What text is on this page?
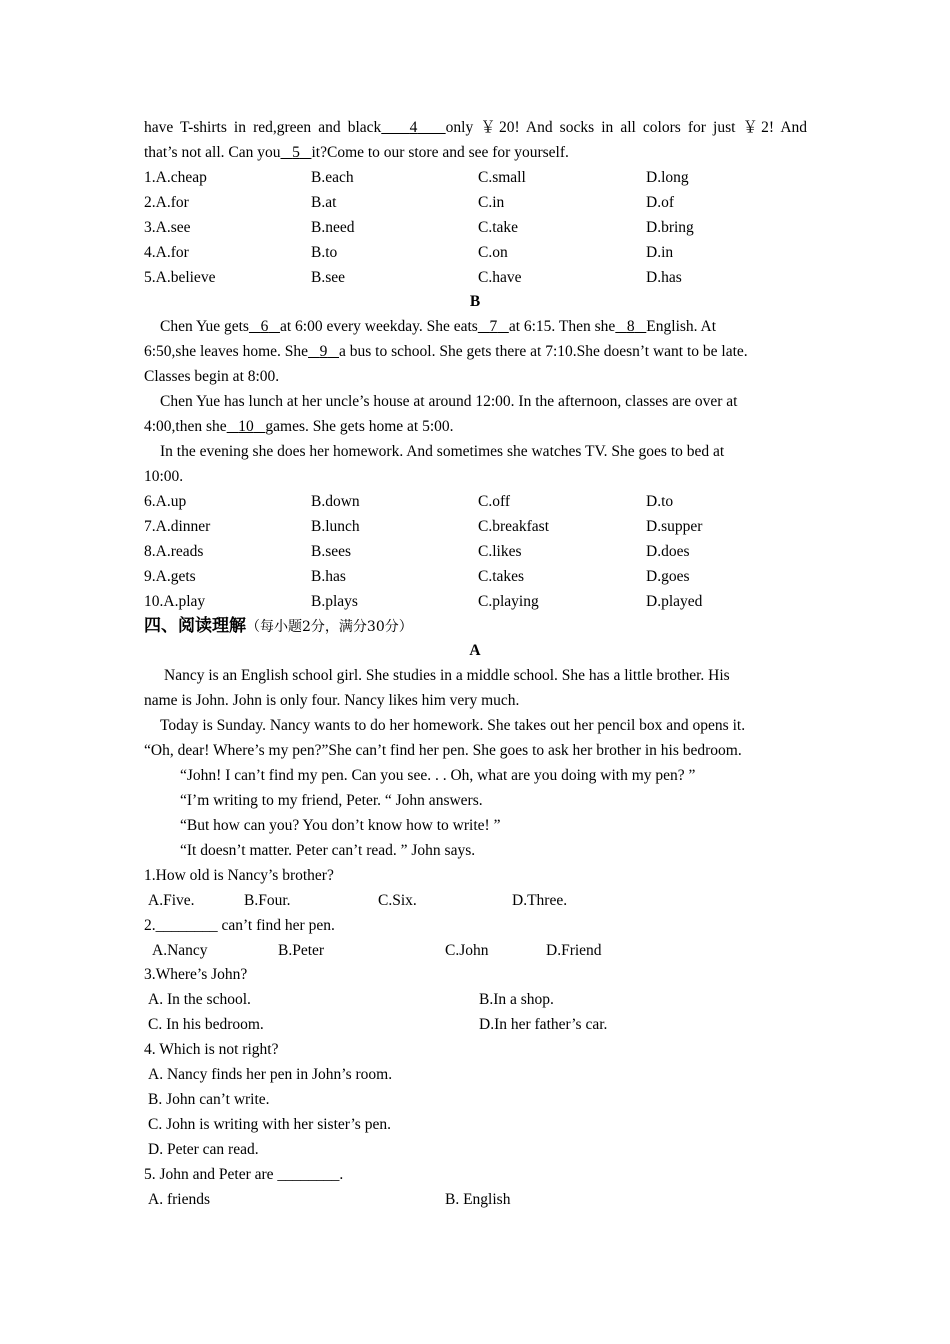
have T-shirts in red,green and black 4 only ￥20! And socks in all colors for just ￥2! And
that’s not all. Can you 5 it?Come to our store and see for yourself.
1.A.cheap	B.each	C.small	D.long
2.A.for	B.at	C.in	D.of
3.A.see	B.need	C.take	D.bring
4.A.for	B.to	C.on	D.in
5.A.believe	B.see	C.have	D.has
B
Chen Yue gets 6 at 6:00 every weekday. She eats 7 at 6:15. Then she 8 English. At
6:50,she leaves home. She 9 a bus to school. She gets there at 7:10.She doesn’t want to be late.
Classes begin at 8:00.
Chen Yue has lunch at her uncle’s house at around 12:00. In the afternoon, classes are over at
4:00,then she 10 games. She gets home at 5:00.
In the evening she does her homework. And sometimes she watches TV. She goes to bed at
10:00.
6.A.up	B.down	C.off	D.to
7.A.dinner	B.lunch	C.breakfast	D.supper
8.A.reads	B.sees	C.likes	D.does
9.A.gets	B.has	C.takes	D.goes
10.A.play	B.plays	C.playing	D.played
四、阅读理解（每小题2分，满分30分）
A
Nancy is an English school girl. She studies in a middle school. She has a little brother. His
name is John. John is only four. Nancy likes him very much.
Today is Sunday. Nancy wants to do her homework. She takes out her pencil box and opens it.
“Oh, dear! Where’s my pen?”She can’t find her pen. She goes to ask her brother in his bedroom.
“John! I can’t find my pen. Can you see. . . Oh, what are you doing with my pen? ”
“I’m writing to my friend, Peter. “ John answers.
“But how can you? You don’t know how to write! ”
“It doesn’t matter. Peter can’t read. ” John says.
1.How old is Nancy’s brother?
A.Five.	B.Four.	C.Six.	D.Three.
2.________ can’t find her pen.
A.Nancy	B.Peter	C.John	D.Friend
3.Where’s John?
A. In the school.	B.In a shop.
C. In his bedroom.	D.In her father’s car.
4. Which is not right?
A. Nancy finds her pen in John’s room.
B. John can’t write.
C. John is writing with her sister’s pen.
D. Peter can read.
5. John and Peter are ________.
A. friends	B. English
